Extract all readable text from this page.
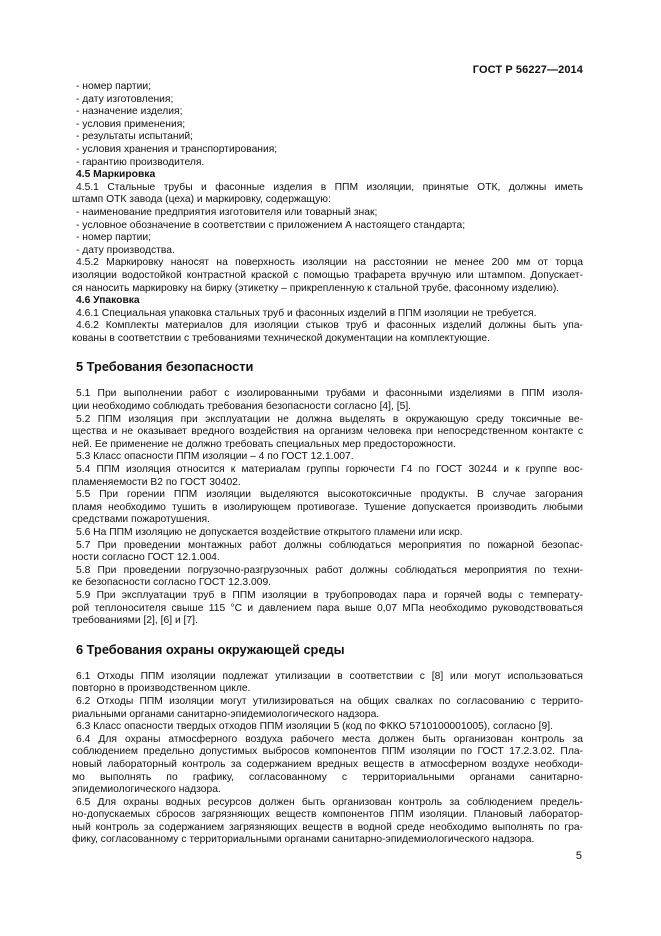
ГОСТ Р 56227—2014
- номер партии;
- дату изготовления;
- назначение изделия;
- условия применения;
- результаты испытаний;
- условия хранения и транспортирования;
- гарантию производителя.
4.5 Маркировка
4.5.1 Стальные трубы и фасонные изделия в ППМ изоляции, принятые ОТК, должны иметь
штамп ОТК завода (цеха) и маркировку, содержащую:
- наименование предприятия изготовителя или товарный знак;
- условное обозначение в соответствии с приложением А настоящего стандарта;
- номер партии;
- дату производства.
4.5.2 Маркировку наносят на поверхность изоляции на расстоянии не менее 200 мм от торца
изоляции водостойкой контрастной краской с помощью трафарета вручную или штампом. Допускает-
ся наносить маркировку на бирку (этикетку – прикрепленную к стальной трубе, фасонному изделию).
4.6 Упаковка
4.6.1 Специальная упаковка стальных труб и фасонных изделий в ППМ изоляции не требуется.
4.6.2 Комплекты материалов для изоляции стыков труб и фасонных изделий должны быть упа-
кованы в соответствии с требованиями технической документации на комплектующие.
5 Требования безопасности
5.1 При выполнении работ с изолированными трубами и фасонными изделиями в ППМ изоля-
ции необходимо соблюдать требования безопасности согласно [4], [5].
5.2 ППМ изоляция при эксплуатации не должна выделять в окружающую среду токсичные ве-
щества и не оказывает вредного воздействия на организм человека при непосредственном контакте с
ней. Ее применение не должно требовать специальных мер предосторожности.
5.3 Класс опасности ППМ изоляции – 4 по ГОСТ 12.1.007.
5.4 ППМ изоляция относится к материалам группы горючести Г4 по ГОСТ 30244 и к группе вос-
пламеняемости В2 по ГОСТ 30402.
5.5 При горении ППМ изоляции выделяются высокотоксичные продукты. В случае загорания
пламя необходимо тушить в изолирующем противогазе. Тушение допускается производить любыми
средствами пожаротушения.
5.6 На ППМ изоляцию не допускается воздействие открытого пламени или искр.
5.7 При проведении монтажных работ должны соблюдаться мероприятия по пожарной безопас-
ности согласно ГОСТ 12.1.004.
5.8 При проведении погрузочно-разгрузочных работ должны соблюдаться мероприятия по техни-
ке безопасности согласно ГОСТ 12.3.009.
5.9 При эксплуатации труб в ППМ изоляции в трубопроводах пара и горячей воды с температу-
рой теплоносителя свыше 115 °С и давлением пара выше 0,07 МПа необходимо руководствоваться
требованиями [2], [6] и [7].
6 Требования охраны окружающей среды
6.1 Отходы ППМ изоляции подлежат утилизации в соответствии с [8] или могут использоваться
повторно в производственном цикле.
6.2 Отходы ППМ изоляции могут утилизироваться на общих свалках по согласованию с террито-
риальными органами санитарно-эпидемиологического надзора.
6.3 Класс опасности твердых отходов ППМ изоляции 5 (код по ФККО 5710100001005), согласно [9].
6.4 Для охраны атмосферного воздуха рабочего места должен быть организован контроль за
соблюдением предельно допустимых выбросов компонентов ППМ изоляции по ГОСТ 17.2.3.02. Пла-
новый лабораторный контроль за содержанием вредных веществ в атмосферном воздухе необходи-
мо выполнять по графику, согласованному с территориальными органами санитарно-
эпидемиологического надзора.
6.5 Для охраны водных ресурсов должен быть организован контроль за соблюдением предель-
но-допускаемых сбросов загрязняющих веществ компонентов ППМ изоляции. Плановый лаборатор-
ный контроль за содержанием загрязняющих веществ в водной среде необходимо выполнять по гра-
фику, согласованному с территориальными органами санитарно-эпидемиологического надзора.
5
